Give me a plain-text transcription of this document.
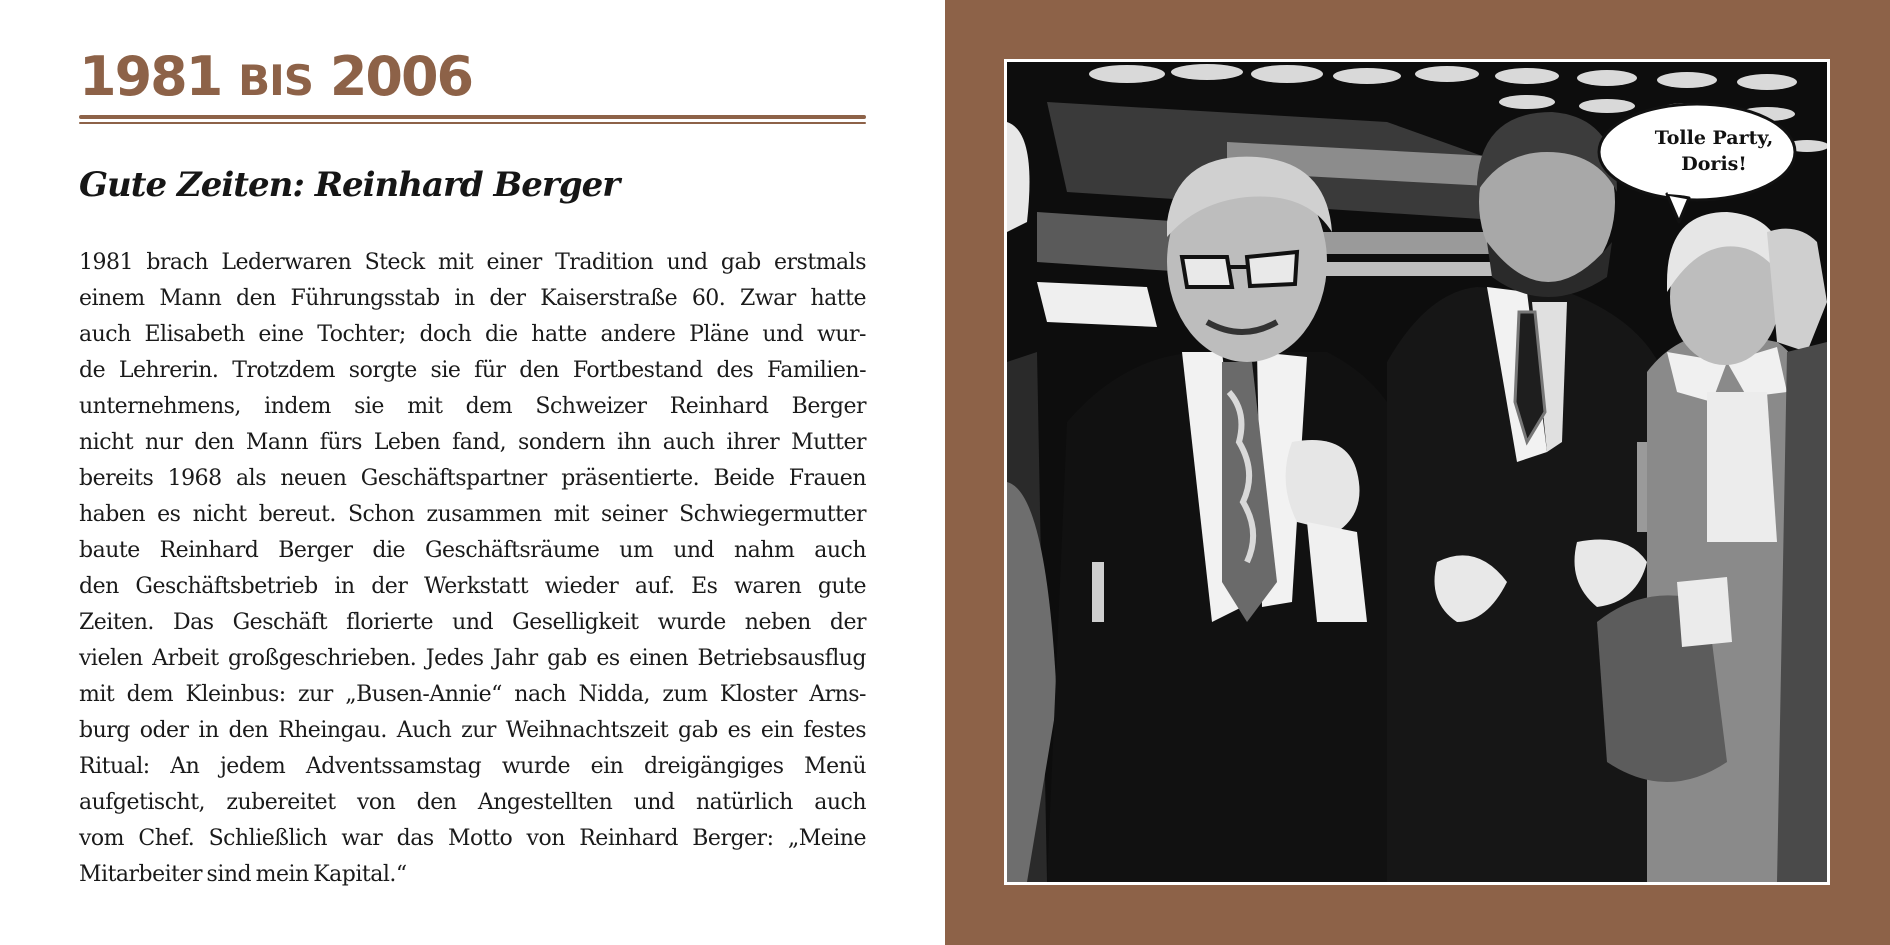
1981 BIS 2006
Gute Zeiten: Reinhard Berger
1981 brach Lederwaren Steck mit einer Tradition und gab erstmals
einem Mann den Führungsstab in der Kaiserstraße 60. Zwar hatte
auch Elisabeth eine Tochter; doch die hatte andere Pläne und wur-
de Lehrerin. Trotzdem sorgte sie für den Fortbestand des Familien-
unternehmens, indem sie mit dem Schweizer Reinhard Berger
nicht nur den Mann fürs Leben fand, sondern ihn auch ihrer Mutter
bereits 1968 als neuen Geschäftspartner präsentierte. Beide Frauen
haben es nicht bereut. Schon zusammen mit seiner Schwiegermutter
baute Reinhard Berger die Geschäftsräume um und nahm auch
den Geschäftsbetrieb in der Werkstatt wieder auf. Es waren gute
Zeiten. Das Geschäft florierte und Geselligkeit wurde neben der
vielen Arbeit großgeschrieben. Jedes Jahr gab es einen Betriebsausflug
mit dem Kleinbus: zur „Busen-Annie“ nach Nidda, zum Kloster Arns-
burg oder in den Rheingau. Auch zur Weihnachtszeit gab es ein festes
Ritual: An jedem Adventssamstag wurde ein dreigängiges Menü
aufgetischt, zubereitet von den Angestellten und natürlich auch
vom Chef. Schließlich war das Motto von Reinhard Berger: „Meine
Mitarbeiter sind mein Kapital.“
Tolle Party,
Doris!
